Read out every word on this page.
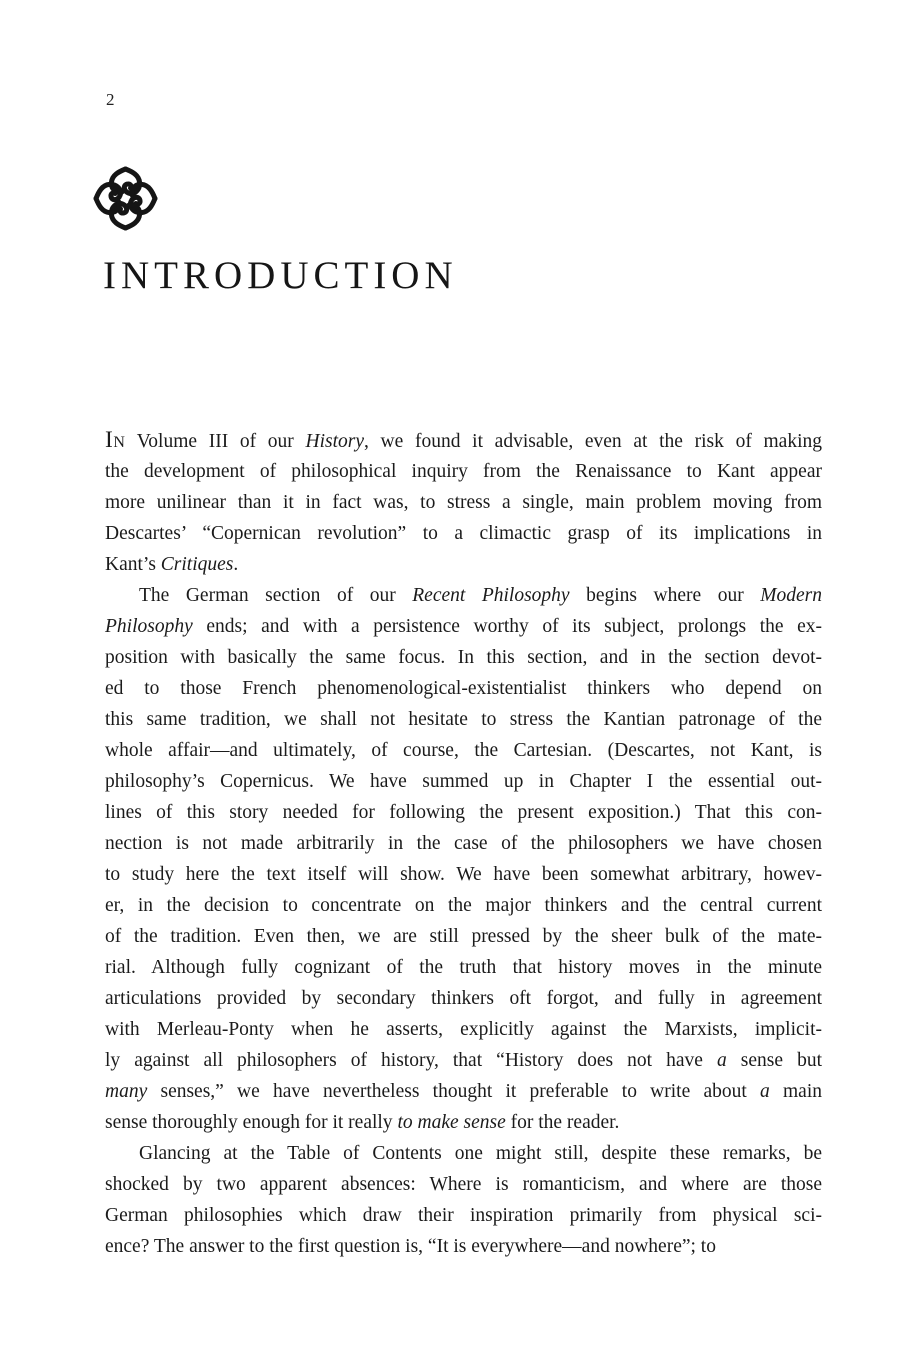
2
INTRODUCTION
In Volume III of our History, we found it advisable, even at the risk of making
the development of philosophical inquiry from the Renaissance to Kant appear
more unilinear than it in fact was, to stress a single, main problem moving from
Descartes’ “Copernican revolution” to a climactic grasp of its implications in
Kant’s Critiques.
The German section of our Recent Philosophy begins where our Modern
Philosophy ends; and with a persistence worthy of its subject, prolongs the ex-
position with basically the same focus. In this section, and in the section devot-
ed to those French phenomenological-existentialist thinkers who depend on
this same tradition, we shall not hesitate to stress the Kantian patronage of the
whole affair—and ultimately, of course, the Cartesian. (Descartes, not Kant, is
philosophy’s Copernicus. We have summed up in Chapter I the essential out-
lines of this story needed for following the present exposition.) That this con-
nection is not made arbitrarily in the case of the philosophers we have chosen
to study here the text itself will show. We have been somewhat arbitrary, howev-
er, in the decision to concentrate on the major thinkers and the central current
of the tradition. Even then, we are still pressed by the sheer bulk of the mate-
rial. Although fully cognizant of the truth that history moves in the minute
articulations provided by secondary thinkers oft forgot, and fully in agreement
with Merleau-Ponty when he asserts, explicitly against the Marxists, implicit-
ly against all philosophers of history, that “History does not have a sense but
many senses,” we have nevertheless thought it preferable to write about a main
sense thoroughly enough for it really to make sense for the reader.
Glancing at the Table of Contents one might still, despite these remarks, be
shocked by two apparent absences: Where is romanticism, and where are those
German philosophies which draw their inspiration primarily from physical sci-
ence? The answer to the first question is, “It is everywhere—and nowhere”; to
